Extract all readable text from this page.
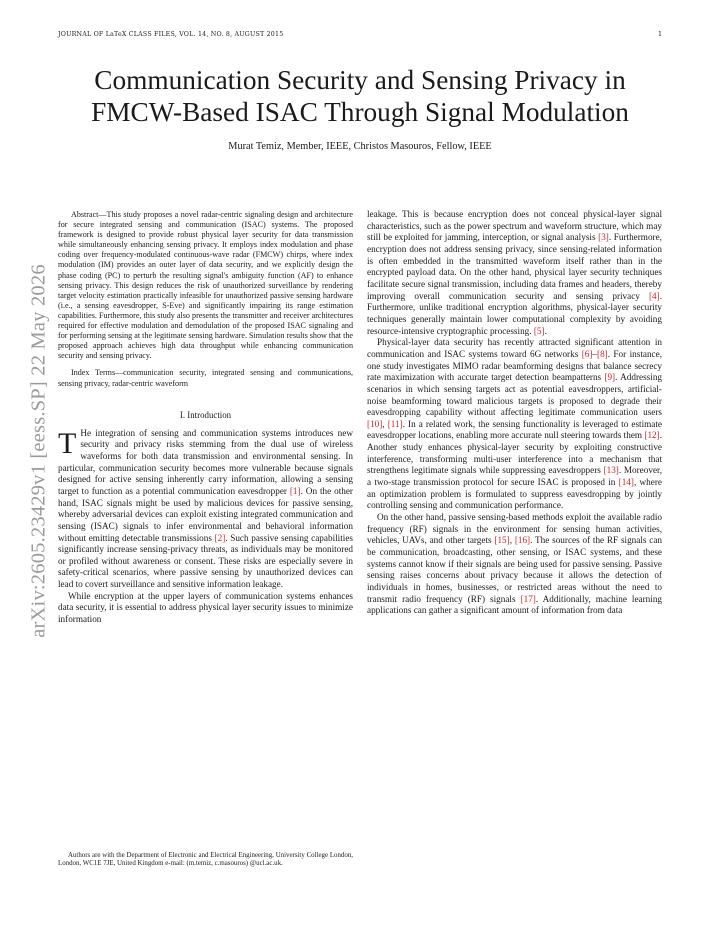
JOURNAL OF LaTeX CLASS FILES, VOL. 14, NO. 8, AUGUST 2015	1
Communication Security and Sensing Privacy in
FMCW-Based ISAC Through Signal Modulation
Murat Temiz, Member, IEEE, Christos Masouros, Fellow, IEEE
arXiv:2605.23429v1 [eess.SP] 22 May 2026

Abstract—This study proposes a novel radar-centric signaling design and architecture for secure integrated sensing and communication (ISAC) systems. The proposed framework is designed to provide robust physical layer security for data transmission while simultaneously enhancing sensing privacy. It employs index modulation and phase coding over frequency-modulated continuous-wave radar (FMCW) chirps, where index modulation (IM) provides an outer layer of data security, and we explicitly design the phase coding (PC) to perturb the resulting signal's ambiguity function (AF) to enhance sensing privacy. This design reduces the risk of unauthorized surveillance by rendering target velocity estimation practically infeasible for unauthorized passive sensing hardware (i.e., a sensing eavesdropper, S-Eve) and significantly impairing its range estimation capabilities. Furthermore, this study also presents the transmitter and receiver architectures required for effective modulation and demodulation of the proposed ISAC signaling and for performing sensing at the legitimate sensing hardware. Simulation results show that the proposed approach achieves high data throughput while enhancing communication security and sensing privacy.

Index Terms—communication security, integrated sensing and communications, sensing privacy, radar-centric waveform

I. Introduction

T He integration of sensing and communication systems introduces new security and privacy risks stemming from the dual use of wireless waveforms for both data transmission and environmental sensing. In particular, communication security becomes more vulnerable because signals designed for active sensing inherently carry information, allowing a sensing target to function as a potential communication eavesdropper [1]. On the other hand, ISAC signals might be used by malicious devices for passive sensing, whereby adversarial devices can exploit existing integrated communication and sensing (ISAC) signals to infer environmental and behavioral information without emitting detectable transmissions [2]. Such passive sensing capabilities significantly increase sensing-privacy threats, as individuals may be monitored or profiled without awareness or consent. These risks are especially severe in safety-critical scenarios, where passive sensing by unauthorized devices can lead to covert surveillance and sensitive information leakage.

While encryption at the upper layers of communication systems enhances data security, it is essential to address physical layer security issues to minimize information

leakage. This is because encryption does not conceal physical-layer signal characteristics, such as the power spectrum and waveform structure, which may still be exploited for jamming, interception, or signal analysis [3]. Furthermore, encryption does not address sensing privacy, since sensing-related information is often embedded in the transmitted waveform itself rather than in the encrypted payload data. On the other hand, physical layer security techniques facilitate secure signal transmission, including data frames and headers, thereby improving overall communication security and sensing privacy [4]. Furthermore, unlike traditional encryption algorithms, physical-layer security techniques generally maintain lower computational complexity by avoiding resource-intensive cryptographic processing. [5].

Physical-layer data security has recently attracted significant attention in communication and ISAC systems toward 6G networks [6]–[8]. For instance, one study investigates MIMO radar beamforming designs that balance secrecy rate maximization with accurate target detection beampatterns [9]. Addressing scenarios in which sensing targets act as potential eavesdroppers, artificial-noise beamforming toward malicious targets is proposed to degrade their eavesdropping capability without affecting legitimate communication users [10], [11]. In a related work, the sensing functionality is leveraged to estimate eavesdropper locations, enabling more accurate null steering towards them [12]. Another study enhances physical-layer security by exploiting constructive interference, transforming multi-user interference into a mechanism that strengthens legitimate signals while suppressing eavesdroppers [13]. Moreover, a two-stage transmission protocol for secure ISAC is proposed in [14], where an optimization problem is formulated to suppress eavesdropping by jointly controlling sensing and communication performance.

On the other hand, passive sensing-based methods exploit the available radio frequency (RF) signals in the environment for sensing human activities, vehicles, UAVs, and other targets [15], [16]. The sources of the RF signals can be communication, broadcasting, other sensing, or ISAC systems, and these systems cannot know if their signals are being used for passive sensing. Passive sensing raises concerns about privacy because it allows the detection of individuals in homes, businesses, or restricted areas without the need to transmit radio frequency (RF) signals [17]. Additionally, machine learning applications can gather a significant amount of information from data

Authors are with the Department of Electronic and Electrical Engineering, University College London, London, WC1E 7JE, United Kingdom e-mail: (m.temiz, c.masouros) @ucl.ac.uk.
